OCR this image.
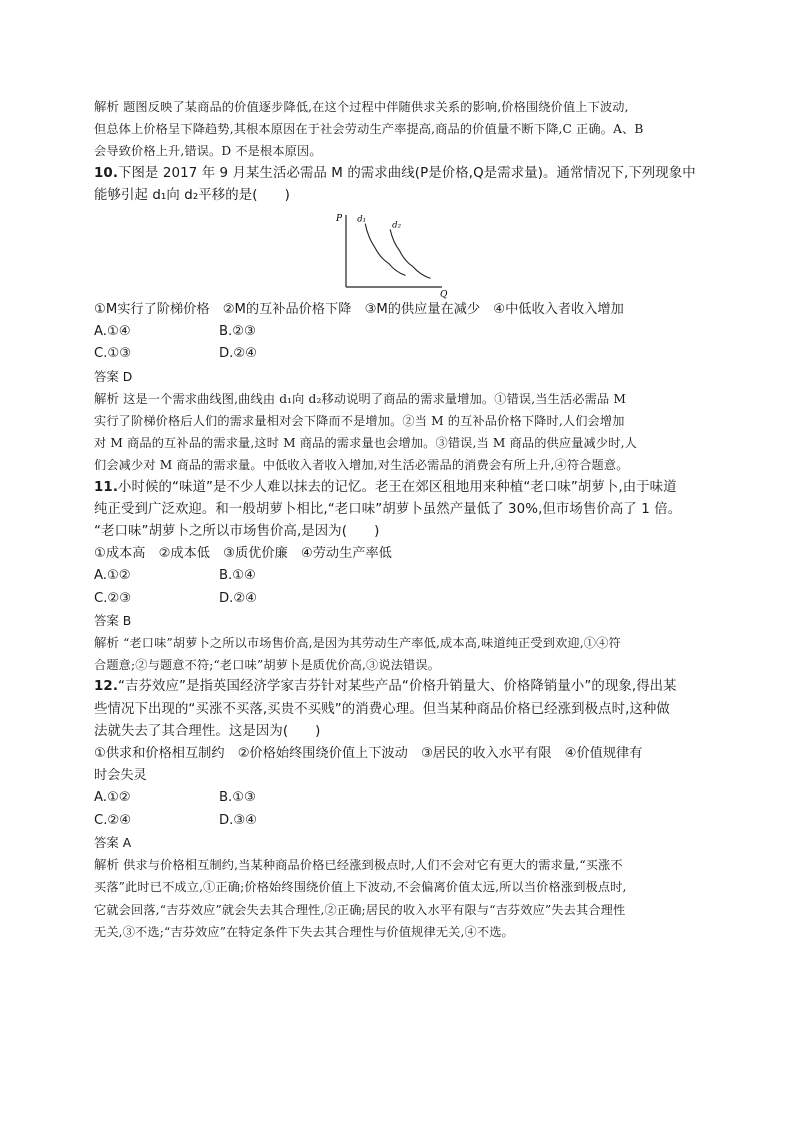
解析 题图反映了某商品的价值逐步降低,在这个过程中伴随供求关系的影响,价格围绕价值上下波动,

但总体上价格呈下降趋势,其根本原因在于社会劳动生产率提高,商品的价值量不断下降,C 正确。A、B

会导致价格上升,错误。D 不是根本原因。

10.下图是 2017 年 9 月某生活必需品 M 的需求曲线(P是价格,Q是需求量)。通常情况下,下列现象中

能够引起 d₁向 d₂平移的是(　　)

P
Q
d₁
d₂

①M实行了阶梯价格　②M的互补品价格下降　③M的供应量在减少　④中低收入者收入增加

A.①④	B.②③
C.①③	D.②④

答案 D

解析 这是一个需求曲线图,曲线由 d₁向 d₂移动说明了商品的需求量增加。①错误,当生活必需品 M

实行了阶梯价格后人们的需求量相对会下降而不是增加。②当 M 的互补品价格下降时,人们会增加

对 M 商品的互补品的需求量,这时 M 商品的需求量也会增加。③错误,当 M 商品的供应量减少时,人

们会减少对 M 商品的需求量。中低收入者收入增加,对生活必需品的消费会有所上升,④符合题意。

11.小时候的“味道”是不少人难以抹去的记忆。老王在郊区租地用来种植“老口味”胡萝卜,由于味道

纯正受到广泛欢迎。和一般胡萝卜相比,“老口味”胡萝卜虽然产量低了 30%,但市场售价高了 1 倍。

“老口味”胡萝卜之所以市场售价高,是因为(　　)

①成本高　②成本低　③质优价廉　④劳动生产率低

A.①②	B.①④
C.②③	D.②④

答案 B

解析 “老口味”胡萝卜之所以市场售价高,是因为其劳动生产率低,成本高,味道纯正受到欢迎,①④符

合题意;②与题意不符;“老口味”胡萝卜是质优价高,③说法错误。

12.“吉芬效应”是指英国经济学家吉芬针对某些产品“价格升销量大、价格降销量小”的现象,得出某

些情况下出现的“买涨不买落,买贵不买贱”的消费心理。但当某种商品价格已经涨到极点时,这种做

法就失去了其合理性。这是因为(　　)

①供求和价格相互制约　②价格始终围绕价值上下波动　③居民的收入水平有限　④价值规律有

时会失灵

A.①②	B.①③
C.②④	D.③④

答案 A

解析 供求与价格相互制约,当某种商品价格已经涨到极点时,人们不会对它有更大的需求量,“买涨不

买落”此时已不成立,①正确;价格始终围绕价值上下波动,不会偏离价值太远,所以当价格涨到极点时,

它就会回落,“吉芬效应”就会失去其合理性,②正确;居民的收入水平有限与“吉芬效应”失去其合理性

无关,③不选;“吉芬效应”在特定条件下失去其合理性与价值规律无关,④不选。
